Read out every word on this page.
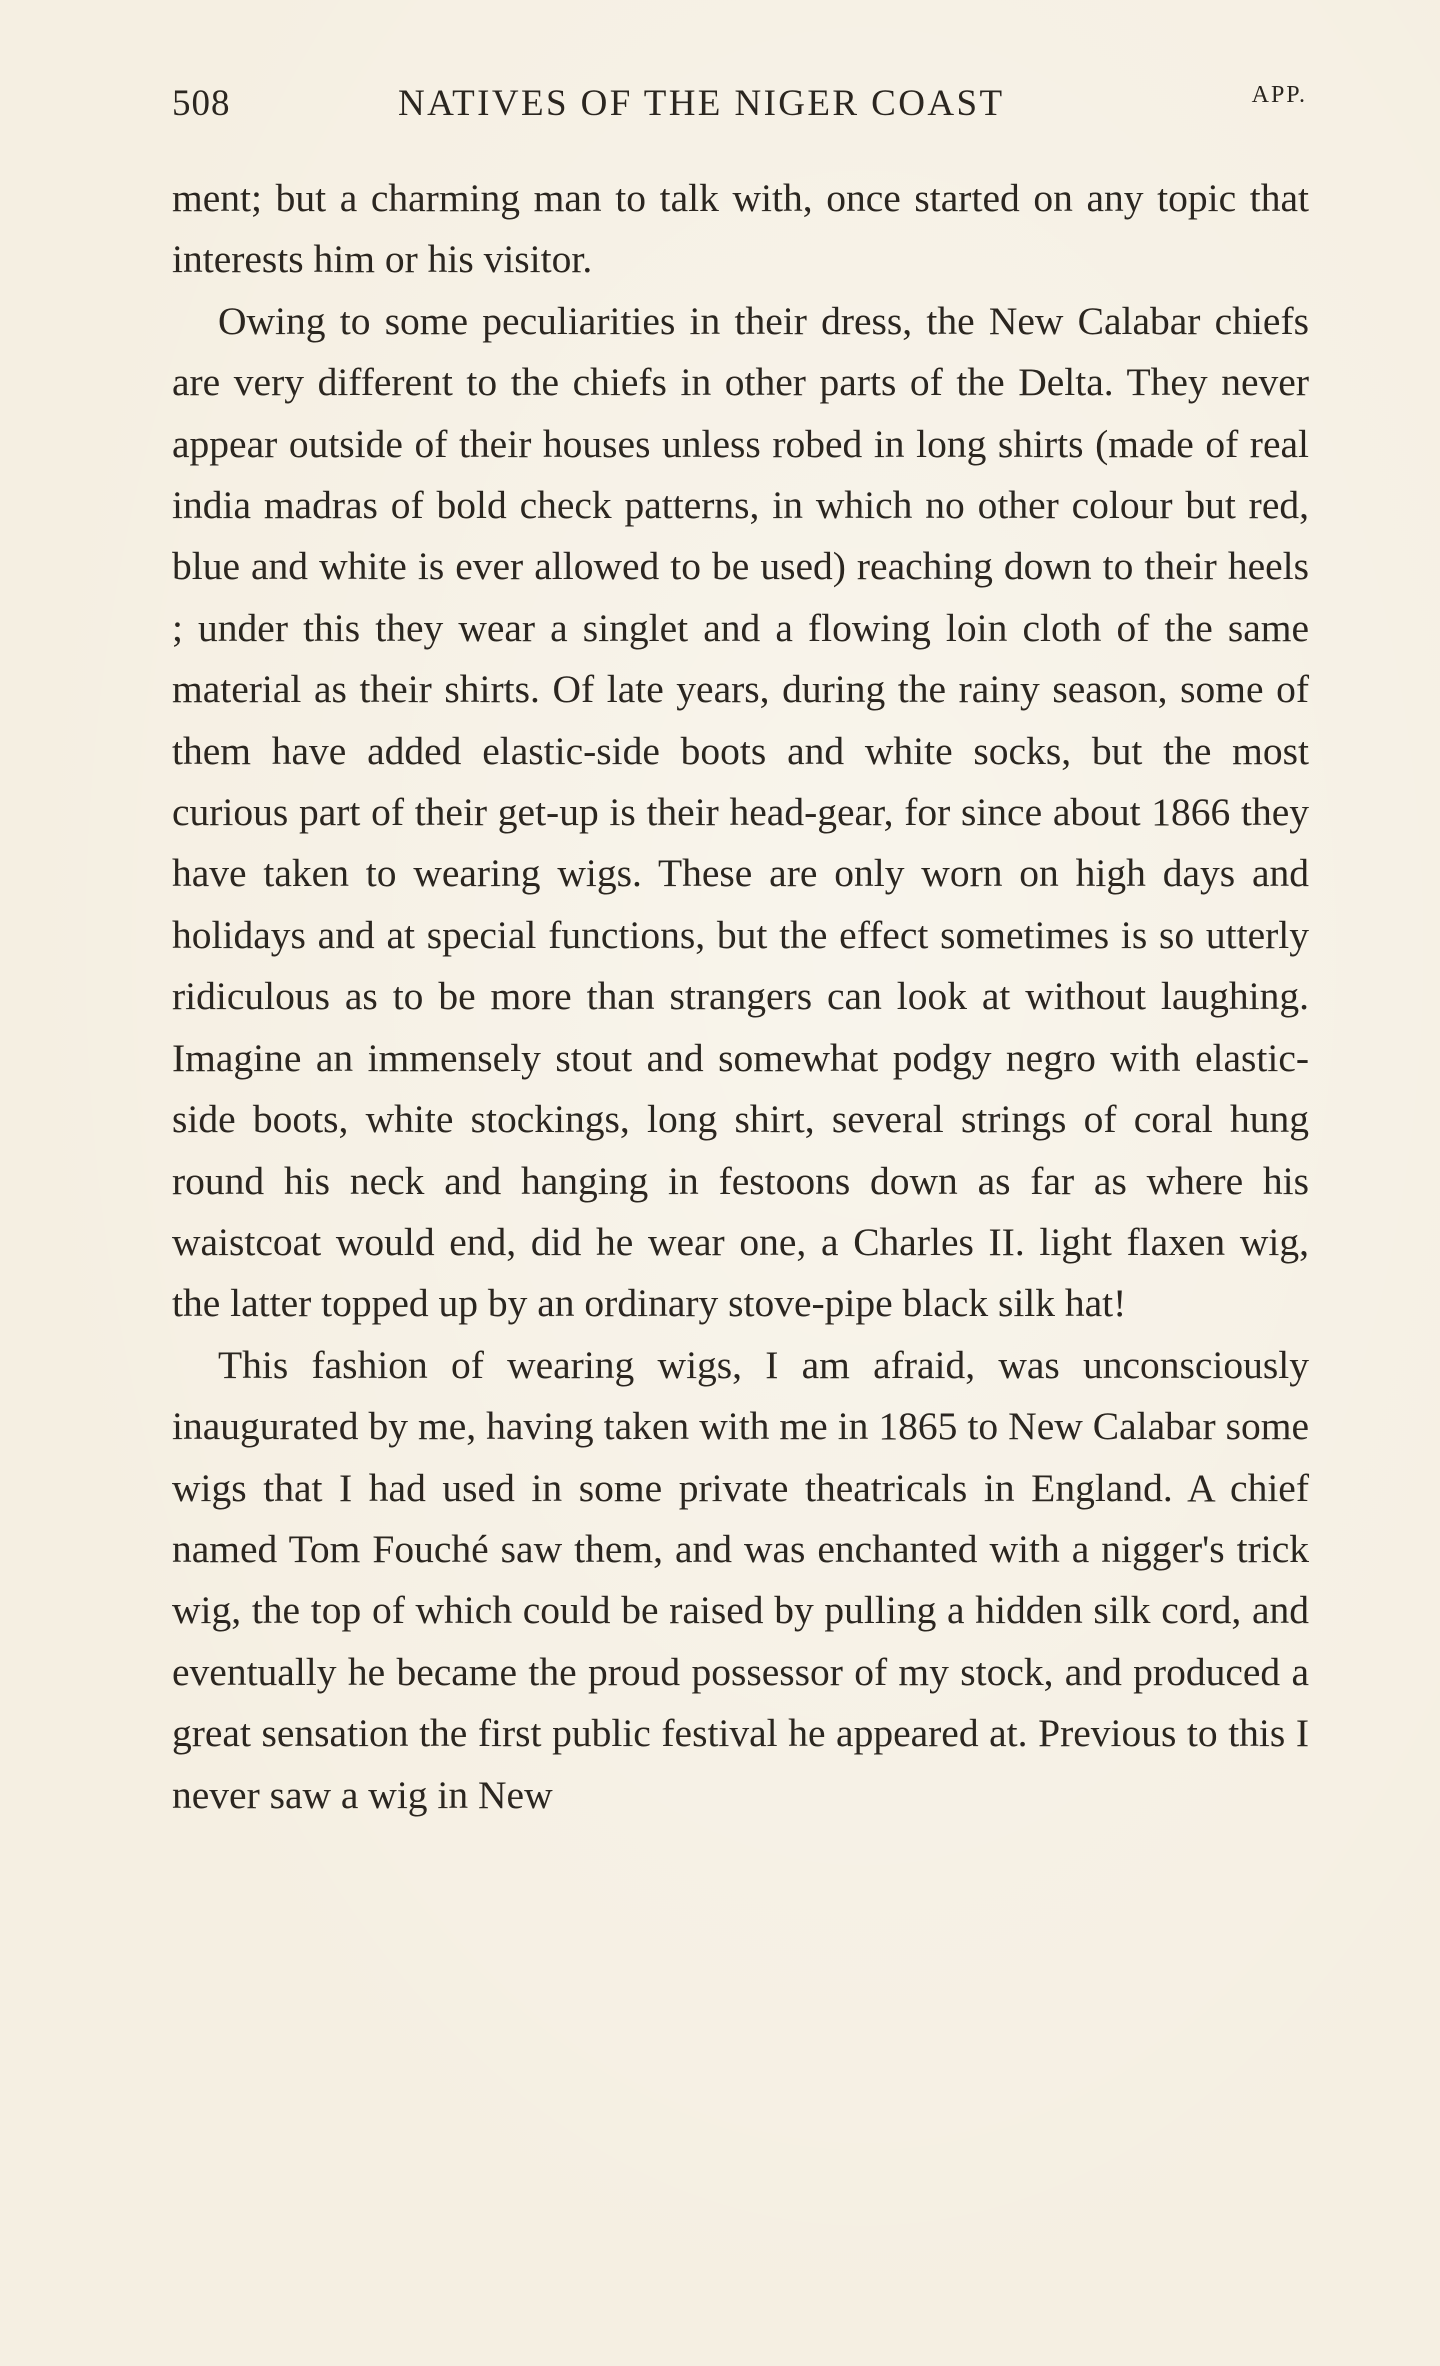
508	NATIVES OF THE NIGER COAST	APP.

ment; but a charming man to talk with, once started on any topic that interests him or his visitor.

Owing to some peculiarities in their dress, the New Calabar chiefs are very different to the chiefs in other parts of the Delta. They never appear outside of their houses unless robed in long shirts (made of real india madras of bold check patterns, in which no other colour but red, blue and white is ever allowed to be used) reaching down to their heels ; under this they wear a singlet and a flowing loin cloth of the same material as their shirts. Of late years, during the rainy season, some of them have added elastic-side boots and white socks, but the most curious part of their get-up is their head-gear, for since about 1866 they have taken to wearing wigs. These are only worn on high days and holidays and at special functions, but the effect sometimes is so utterly ridiculous as to be more than strangers can look at without laughing. Imagine an immensely stout and somewhat podgy negro with elastic-side boots, white stockings, long shirt, several strings of coral hung round his neck and hanging in festoons down as far as where his waistcoat would end, did he wear one, a Charles II. light flaxen wig, the latter topped up by an ordinary stove-pipe black silk hat!

This fashion of wearing wigs, I am afraid, was unconsciously inaugurated by me, having taken with me in 1865 to New Calabar some wigs that I had used in some private theatricals in England. A chief named Tom Fouché saw them, and was enchanted with a nigger's trick wig, the top of which could be raised by pulling a hidden silk cord, and eventually he became the proud possessor of my stock, and produced a great sensation the first public festival he appeared at. Previous to this I never saw a wig in New
